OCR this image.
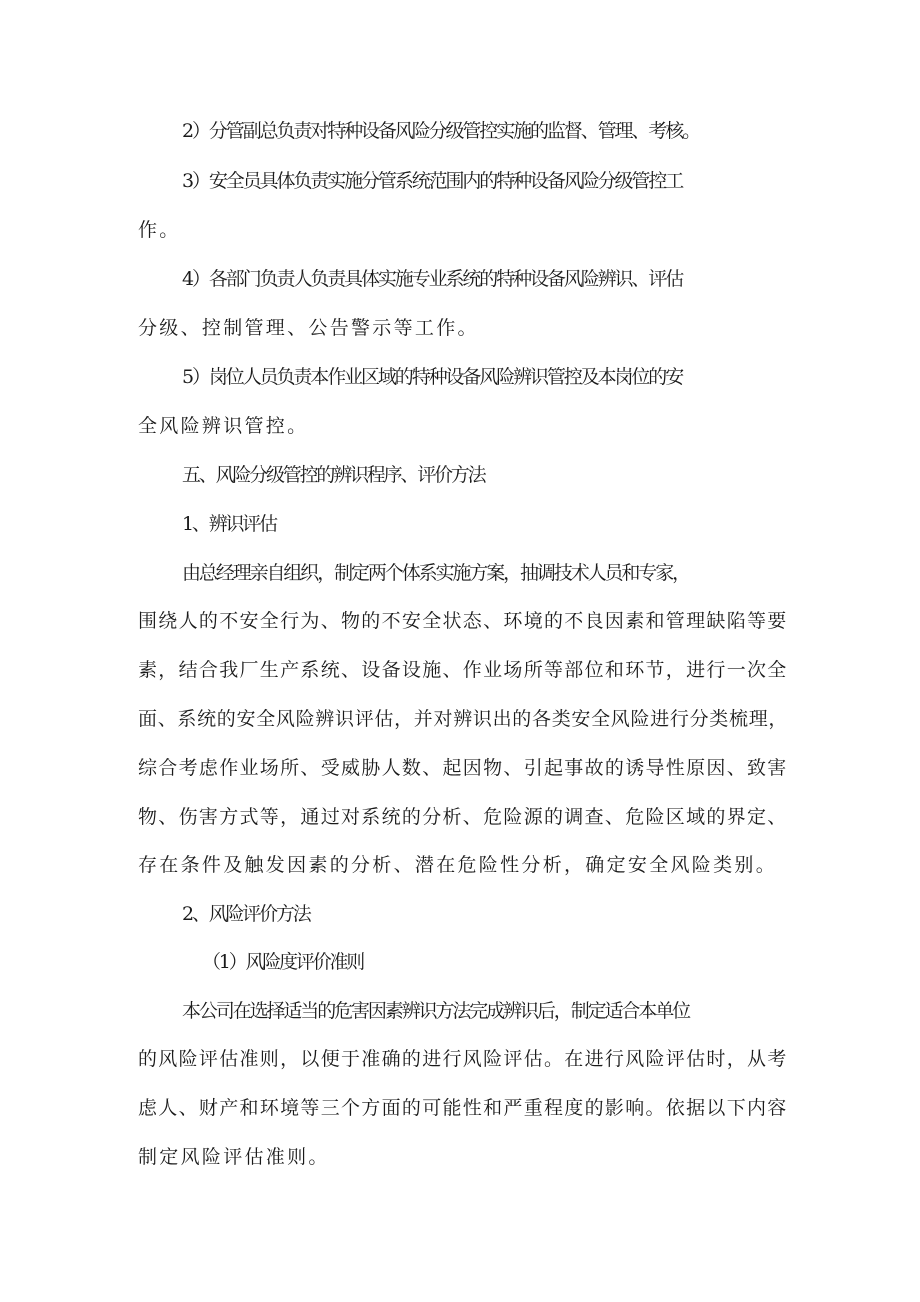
2）分管副总负责对特种设备风险分级管控实施的监督、管理、考核。
3）安全员具体负责实施分管系统范围内的特种设备风险分级管控工
作。
4）各部门负责人负责具体实施专业系统的特种设备风险辨识、评估
分级、控制管理、公告警示等工作。
5）岗位人员负责本作业区域的特种设备风险辨识管控及本岗位的安
全风险辨识管控。
五、风险分级管控的辨识程序、评价方法
1、辨识评估
由总经理亲自组织，制定两个体系实施方案，抽调技术人员和专家，
围绕人的不安全行为、物的不安全状态、环境的不良因素和管理缺陷等要
素，结合我厂生产系统、设备设施、作业场所等部位和环节，进行一次全
面、系统的安全风险辨识评估，并对辨识出的各类安全风险进行分类梳理，
综合考虑作业场所、受威胁人数、起因物、引起事故的诱导性原因、致害
物、伤害方式等，通过对系统的分析、危险源的调查、危险区域的界定、
存在条件及触发因素的分析、潜在危险性分析，确定安全风险类别。
2、风险评价方法
（1）风险度评价准则
本公司在选择适当的危害因素辨识方法完成辨识后，制定适合本单位
的风险评估准则，以便于准确的进行风险评估。在进行风险评估时，从考
虑人、财产和环境等三个方面的可能性和严重程度的影响。依据以下内容
制定风险评估准则。
